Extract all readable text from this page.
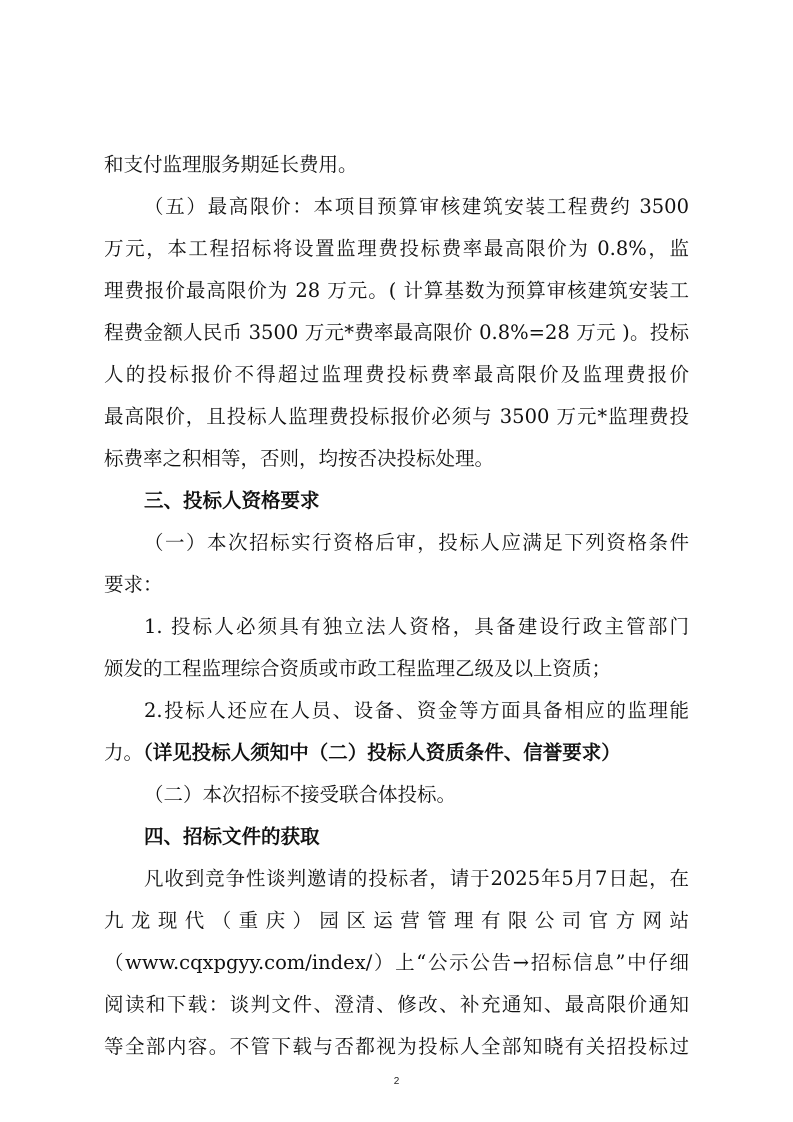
和支付监理服务期延长费用。
（五）最高限价：本项目预算审核建筑安装工程费约 3500
万元，本工程招标将设置监理费投标费率最高限价为 0.8%，监
理费报价最高限价为 28 万元。( 计算基数为预算审核建筑安装工
程费金额人民币 3500 万元*费率最高限价 0.8%=28 万元 )。投标
人的投标报价不得超过监理费投标费率最高限价及监理费报价
最高限价，且投标人监理费投标报价必须与 3500 万元*监理费投
标费率之积相等，否则，均按否决投标处理。
三、投标人资格要求
（一）本次招标实行资格后审，投标人应满足下列资格条件
要求：
1. 投标人必须具有独立法人资格，具备建设行政主管部门
颁发的工程监理综合资质或市政工程监理乙级及以上资质；
2.投标人还应在人员、设备、资金等方面具备相应的监理能
力。（详见投标人须知中（二）投标人资质条件、信誉要求）
（二）本次招标不接受联合体投标。
四、招标文件的获取
凡收到竞争性谈判邀请的投标者，请于2025年5月7日起，在
九龙现代（重庆）园区运营管理有限公司官方网站
（www.cqxpgyy.com/index/）上“公示公告→招标信息”中仔细
阅读和下载：谈判文件、澄清、修改、补充通知、最高限价通知
等全部内容。不管下载与否都视为投标人全部知晓有关招投标过
2
